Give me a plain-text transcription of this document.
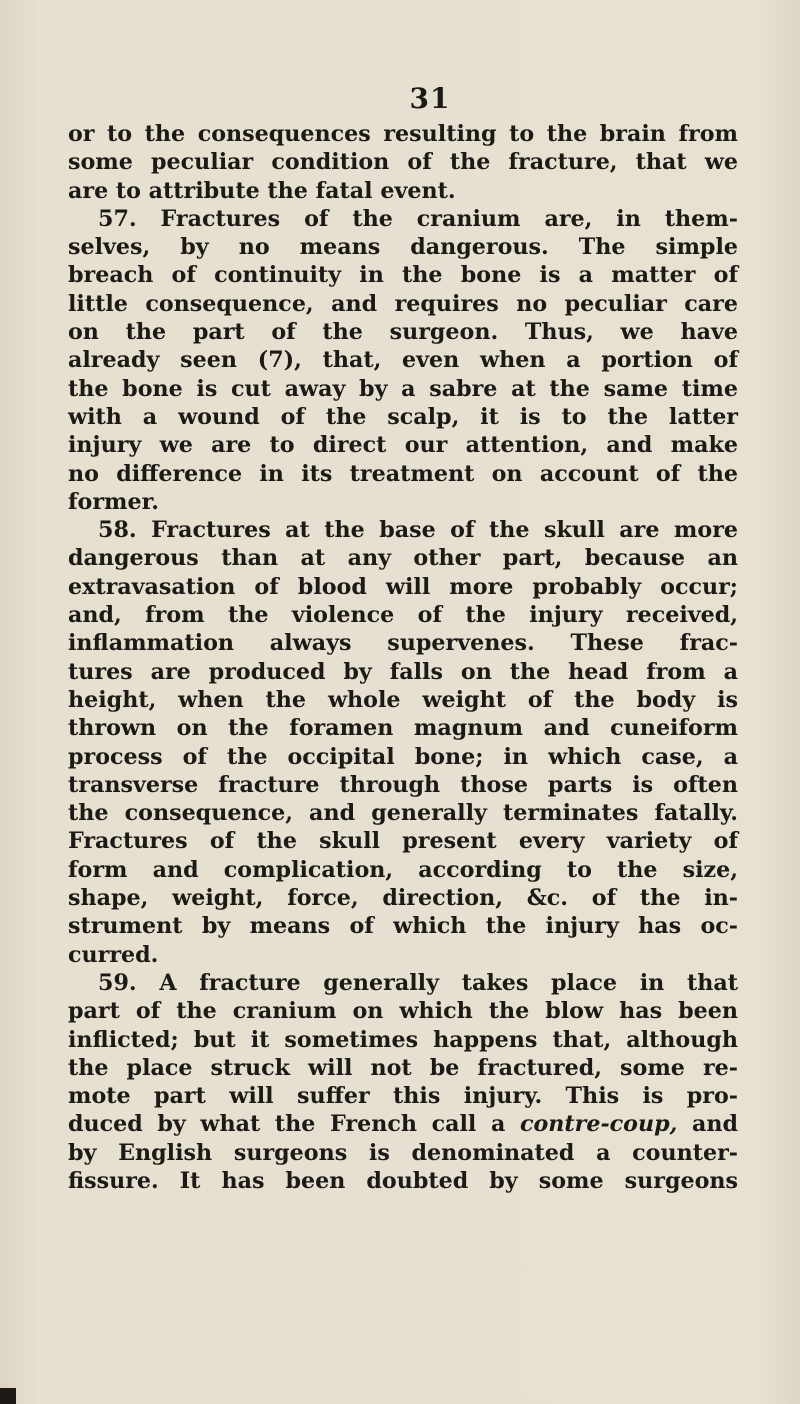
31
or to the consequences resulting to the brain from
some peculiar condition of the fracture, that we
are to attribute the fatal event.
57. Fractures of the cranium are, in them-
selves, by no means dangerous. The simple
breach of continuity in the bone is a matter of
little consequence, and requires no peculiar care
on the part of the surgeon. Thus, we have
already seen (7), that, even when a portion of
the bone is cut away by a sabre at the same time
with a wound of the scalp, it is to the latter
injury we are to direct our attention, and make
no difference in its treatment on account of the
former.
58. Fractures at the base of the skull are more
dangerous than at any other part, because an
extravasation of blood will more probably occur;
and, from the violence of the injury received,
inflammation always supervenes. These frac-
tures are produced by falls on the head from a
height, when the whole weight of the body is
thrown on the foramen magnum and cuneiform
process of the occipital bone; in which case, a
transverse fracture through those parts is often
the consequence, and generally terminates fatally.
Fractures of the skull present every variety of
form and complication, according to the size,
shape, weight, force, direction, &c. of the in-
strument by means of which the injury has oc-
curred.
59. A fracture generally takes place in that
part of the cranium on which the blow has been
inflicted; but it sometimes happens that, although
the place struck will not be fractured, some re-
mote part will suffer this injury. This is pro-
duced by what the French call a contre-coup, and
by English surgeons is denominated a counter-
fissure. It has been doubted by some surgeons
